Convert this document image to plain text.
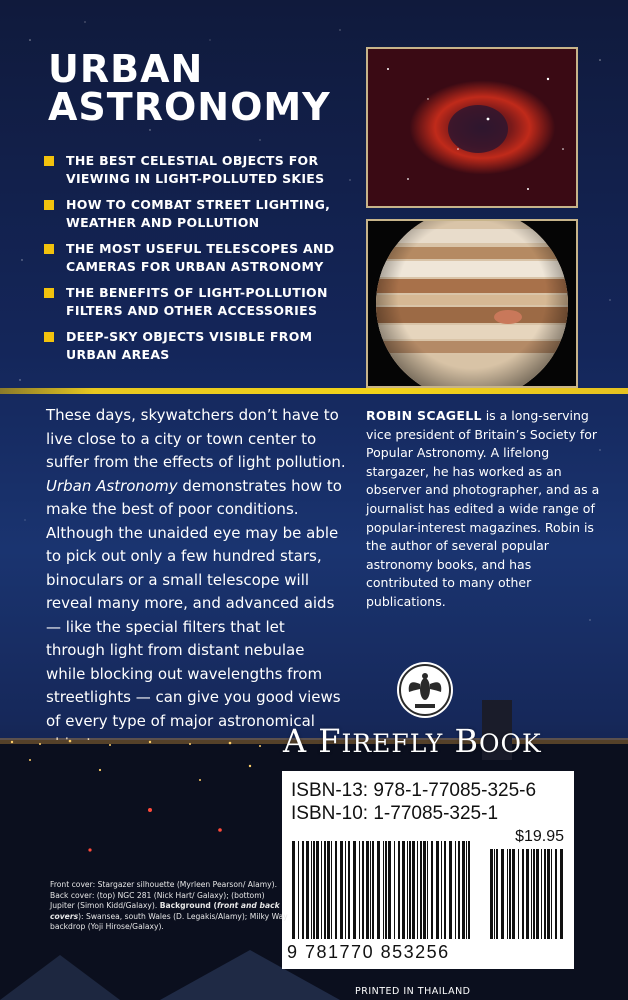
URBAN
ASTRONOMY
THE BEST CELESTIAL OBJECTS FOR VIEWING IN LIGHT-POLLUTED SKIES
HOW TO COMBAT STREET LIGHTING, WEATHER AND POLLUTION
THE MOST USEFUL TELESCOPES AND CAMERAS FOR URBAN ASTRONOMY
THE BENEFITS OF LIGHT-POLLUTION FILTERS AND OTHER ACCESSORIES
DEEP-SKY OBJECTS VISIBLE FROM URBAN AREAS

These days, skywatchers don’t have to live close to a city or town center to suffer from the effects of light pollution. Urban Astronomy demonstrates how to make the best of poor conditions. Although the unaided eye may be able to pick out only a few hundred stars, binoculars or a small telescope will reveal many more, and advanced aids — like the special filters that let through light from distant nebulae while blocking out wavelengths from streetlights — can give you good views of every type of major astronomical

ROBIN SCAGELL is a long-serving vice president of Britain’s Society for Popular Astronomy. A lifelong stargazer, he has worked as an observer and photographer, and as a journalist has edited a wide range of popular-interest magazines. Robin is the author of several popular astronomy books, and has contributed to many other publications.

A FIREFLY BOOK

ISBN-13: 978-1-77085-325-6

ISBN-10: 1-77085-325-1

$19.95

9 781770 853256

Front cover: Stargazer silhouette (Myrleen Pearson/ Alamy). Back cover: (top) NGC 281 (Nick Hart/ Galaxy); (bottom) Jupiter (Simon Kidd/Galaxy). Background (front and back covers): Swansea, south Wales (D. Legakis/Alamy); Milky Way backdrop (Yoji Hirose/Galaxy).

PRINTED IN THAILAND
